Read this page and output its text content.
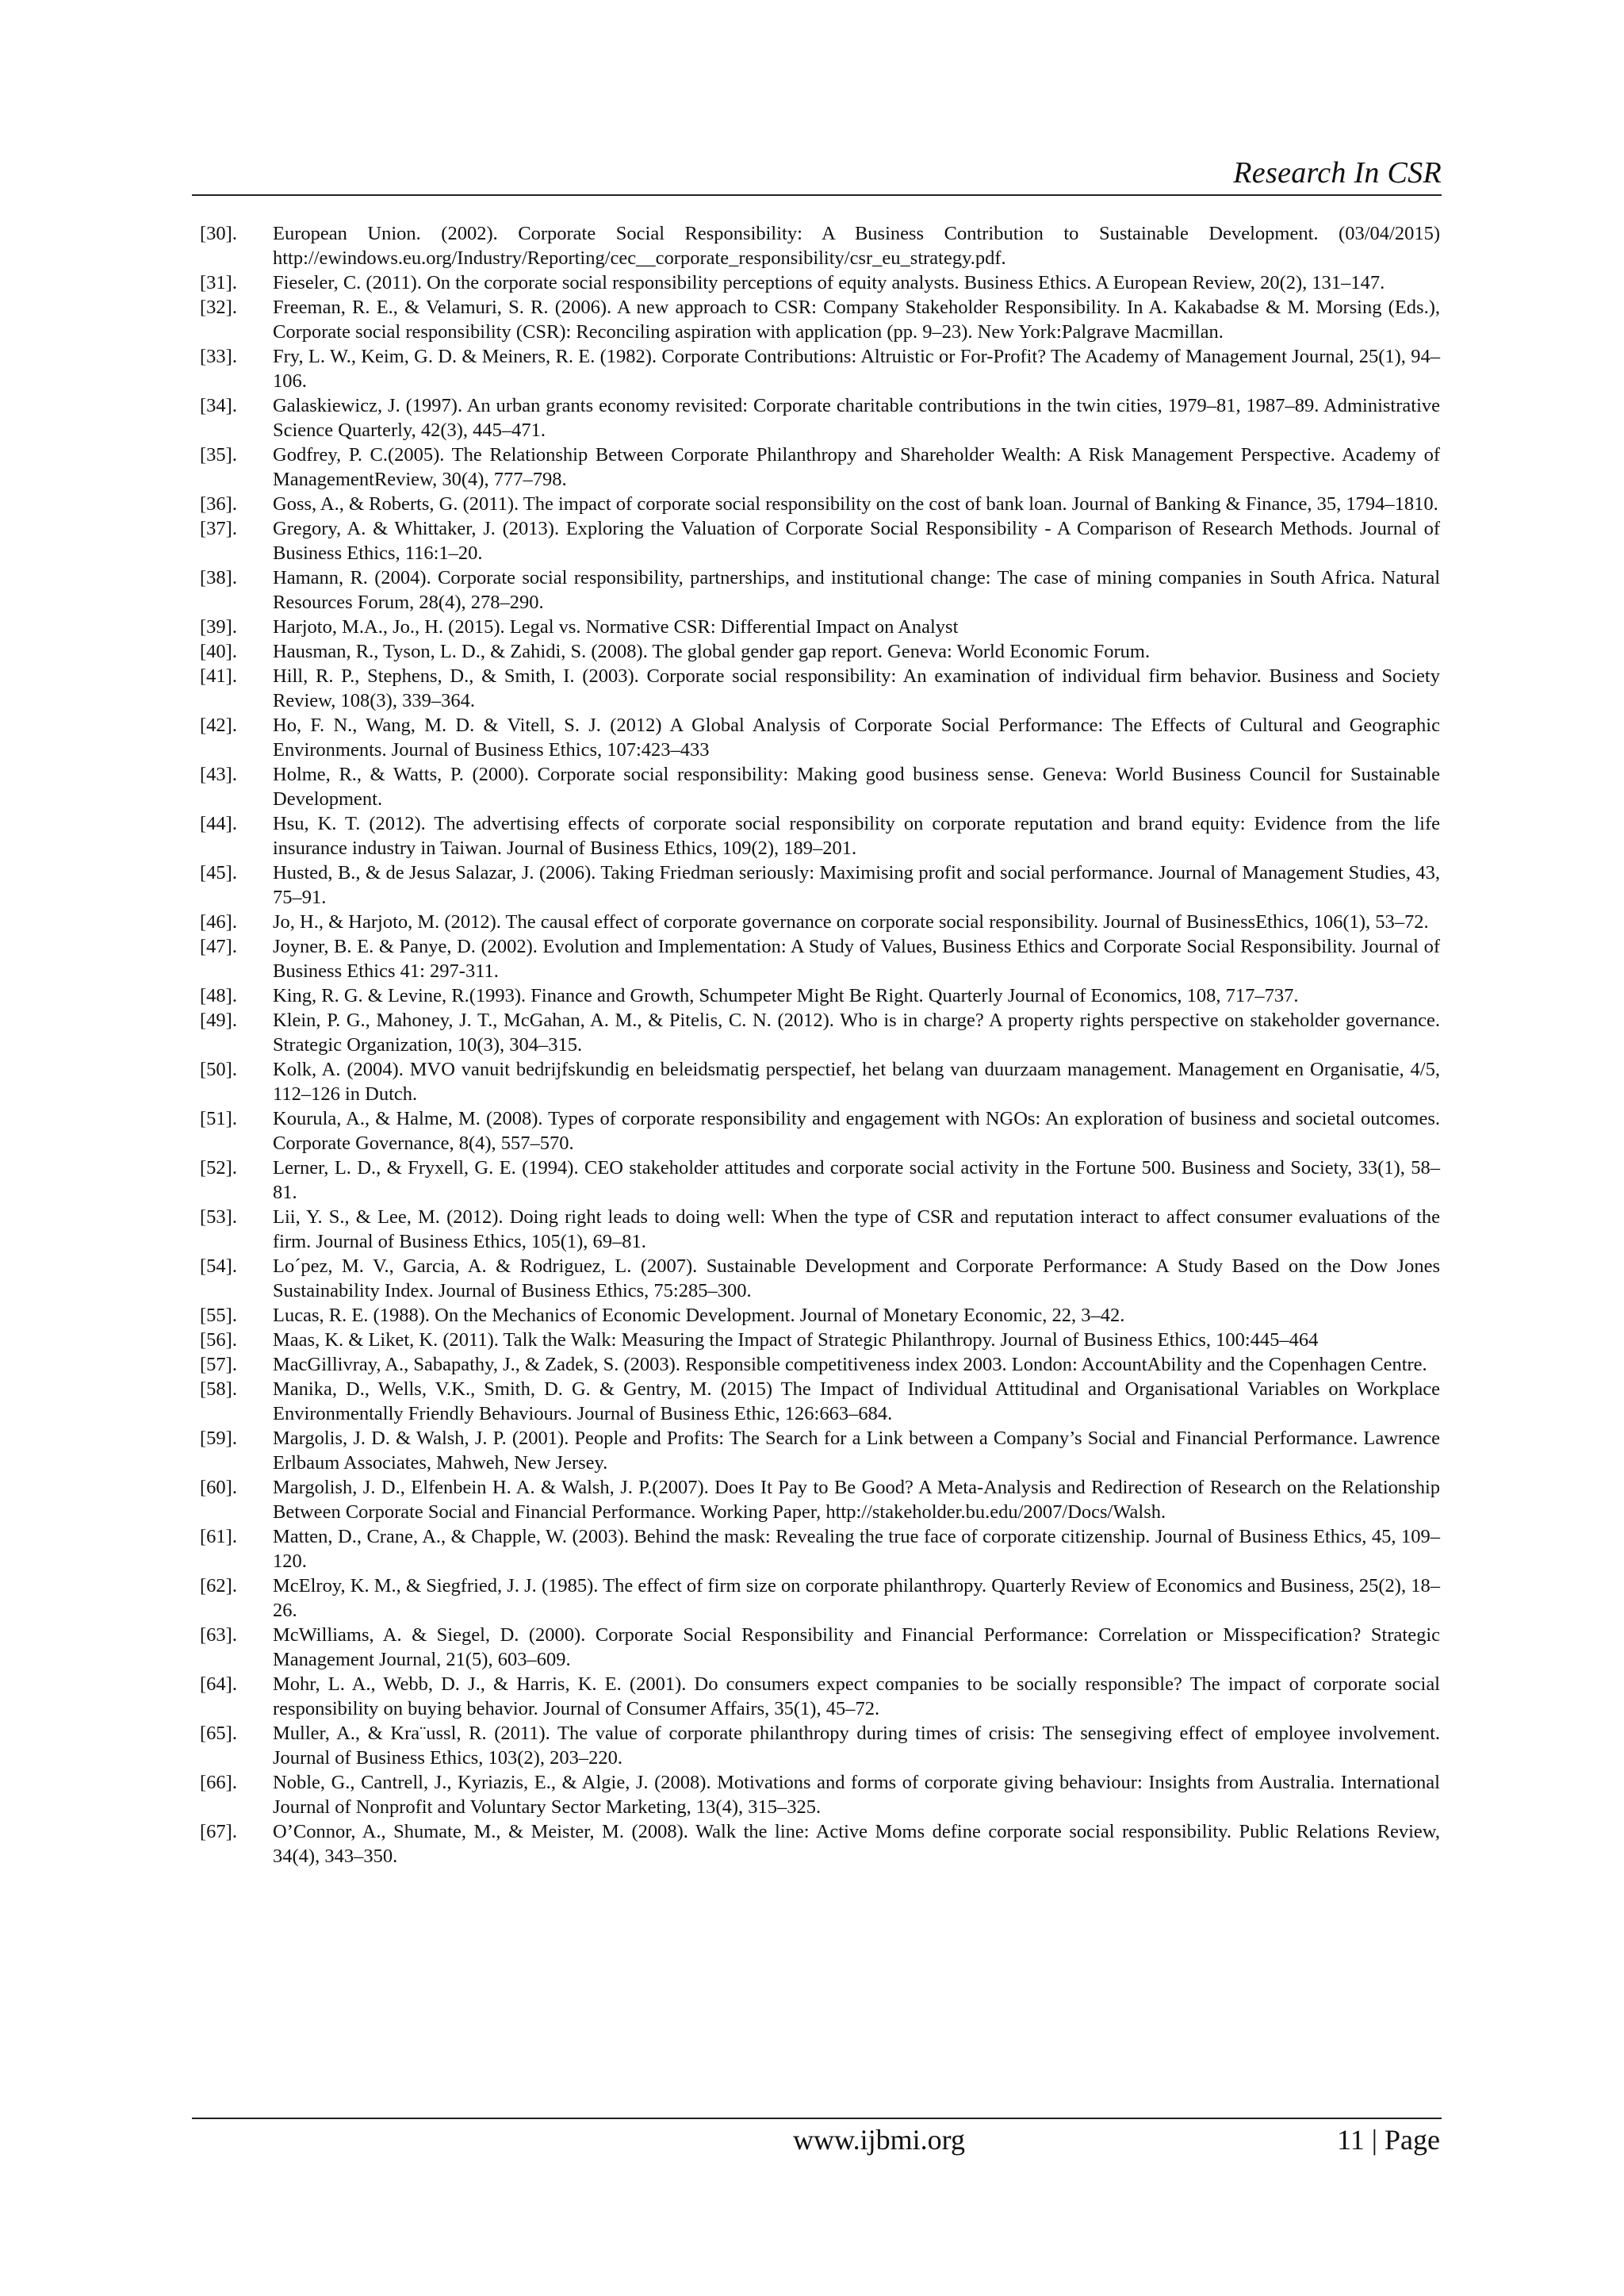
Research In CSR
[30].	European Union. (2002). Corporate Social Responsibility: A Business Contribution to Sustainable Development. (03/04/2015) http://ewindows.eu.org/Industry/Reporting/cec__corporate_responsibility/csr_eu_strategy.pdf.
[31].	Fieseler, C. (2011). On the corporate social responsibility perceptions of equity analysts. Business Ethics. A European Review, 20(2), 131–147.
[32].	Freeman, R. E., & Velamuri, S. R. (2006). A new approach to CSR: Company Stakeholder Responsibility. In A. Kakabadse & M. Morsing (Eds.), Corporate social responsibility (CSR): Reconciling aspiration with application (pp. 9–23). New York:Palgrave Macmillan.
[33].	Fry, L. W., Keim, G. D. & Meiners, R. E. (1982). Corporate Contributions: Altruistic or For-Profit? The Academy of Management Journal, 25(1), 94–106.
[34].	Galaskiewicz, J. (1997). An urban grants economy revisited: Corporate charitable contributions in the twin cities, 1979–81, 1987–89. Administrative Science Quarterly, 42(3), 445–471.
[35].	Godfrey, P. C.(2005). The Relationship Between Corporate Philanthropy and Shareholder Wealth: A Risk Management Perspective. Academy of ManagementReview, 30(4), 777–798.
[36].	Goss, A., & Roberts, G. (2011). The impact of corporate social responsibility on the cost of bank loan. Journal of Banking & Finance, 35, 1794–1810.
[37].	Gregory, A. & Whittaker, J. (2013). Exploring the Valuation of Corporate Social Responsibility - A Comparison of Research Methods. Journal of Business Ethics, 116:1–20.
[38].	Hamann, R. (2004). Corporate social responsibility, partnerships, and institutional change: The case of mining companies in South Africa. Natural Resources Forum, 28(4), 278–290.
[39].	Harjoto, M.A., Jo., H. (2015). Legal vs. Normative CSR: Differential Impact on Analyst
[40].	Hausman, R., Tyson, L. D., & Zahidi, S. (2008). The global gender gap report. Geneva: World Economic Forum.
[41].	Hill, R. P., Stephens, D., & Smith, I. (2003). Corporate social responsibility: An examination of individual firm behavior. Business and Society Review, 108(3), 339–364.
[42].	Ho, F. N., Wang, M. D. & Vitell, S. J. (2012) A Global Analysis of Corporate Social Performance: The Effects of Cultural and Geographic Environments. Journal of Business Ethics, 107:423–433
[43].	Holme, R., & Watts, P. (2000). Corporate social responsibility: Making good business sense. Geneva: World Business Council for Sustainable Development.
[44].	Hsu, K. T. (2012). The advertising effects of corporate social responsibility on corporate reputation and brand equity: Evidence from the life insurance industry in Taiwan. Journal of Business Ethics, 109(2), 189–201.
[45].	Husted, B., & de Jesus Salazar, J. (2006). Taking Friedman seriously: Maximising profit and social performance. Journal of Management Studies, 43, 75–91.
[46].	Jo, H., & Harjoto, M. (2012). The causal effect of corporate governance on corporate social responsibility. Journal of BusinessEthics, 106(1), 53–72.
[47].	Joyner, B. E. & Panye, D. (2002). Evolution and Implementation: A Study of Values, Business Ethics and Corporate Social Responsibility. Journal of Business Ethics 41: 297-311.
[48].	King, R. G. & Levine, R.(1993). Finance and Growth, Schumpeter Might Be Right. Quarterly Journal of Economics, 108, 717–737.
[49].	Klein, P. G., Mahoney, J. T., McGahan, A. M., & Pitelis, C. N. (2012). Who is in charge? A property rights perspective on stakeholder governance. Strategic Organization, 10(3), 304–315.
[50].	Kolk, A. (2004). MVO vanuit bedrijfskundig en beleidsmatig perspectief, het belang van duurzaam management. Management en Organisatie, 4/5, 112–126 in Dutch.
[51].	Kourula, A., & Halme, M. (2008). Types of corporate responsibility and engagement with NGOs: An exploration of business and societal outcomes. Corporate Governance, 8(4), 557–570.
[52].	Lerner, L. D., & Fryxell, G. E. (1994). CEO stakeholder attitudes and corporate social activity in the Fortune 500. Business and Society, 33(1), 58–81.
[53].	Lii, Y. S., & Lee, M. (2012). Doing right leads to doing well: When the type of CSR and reputation interact to affect consumer evaluations of the firm. Journal of Business Ethics, 105(1), 69–81.
[54].	Lo´pez, M. V., Garcia, A. & Rodriguez, L. (2007). Sustainable Development and Corporate Performance: A Study Based on the Dow Jones Sustainability Index. Journal of Business Ethics, 75:285–300.
[55].	Lucas, R. E. (1988). On the Mechanics of Economic Development. Journal of Monetary Economic, 22, 3–42.
[56].	Maas, K. & Liket, K. (2011). Talk the Walk: Measuring the Impact of Strategic Philanthropy. Journal of Business Ethics, 100:445–464
[57].	MacGillivray, A., Sabapathy, J., & Zadek, S. (2003). Responsible competitiveness index 2003. London: AccountAbility and the Copenhagen Centre.
[58].	Manika, D., Wells, V.K., Smith, D. G. & Gentry, M. (2015) The Impact of Individual Attitudinal and Organisational Variables on Workplace Environmentally Friendly Behaviours. Journal of Business Ethic, 126:663–684.
[59].	Margolis, J. D. & Walsh, J. P. (2001). People and Profits: The Search for a Link between a Company’s Social and Financial Performance. Lawrence Erlbaum Associates, Mahweh, New Jersey.
[60].	Margolish, J. D., Elfenbein H. A. & Walsh, J. P.(2007). Does It Pay to Be Good? A Meta-Analysis and Redirection of Research on the Relationship Between Corporate Social and Financial Performance. Working Paper, http://stakeholder.bu.edu/2007/Docs/Walsh.
[61].	Matten, D., Crane, A., & Chapple, W. (2003). Behind the mask: Revealing the true face of corporate citizenship. Journal of Business Ethics, 45, 109–120.
[62].	McElroy, K. M., & Siegfried, J. J. (1985). The effect of firm size on corporate philanthropy. Quarterly Review of Economics and Business, 25(2), 18–26.
[63].	McWilliams, A. & Siegel, D. (2000). Corporate Social Responsibility and Financial Performance: Correlation or Misspecification? Strategic Management Journal, 21(5), 603–609.
[64].	Mohr, L. A., Webb, D. J., & Harris, K. E. (2001). Do consumers expect companies to be socially responsible? The impact of corporate social responsibility on buying behavior. Journal of Consumer Affairs, 35(1), 45–72.
[65].	Muller, A., & Kra¨ussl, R. (2011). The value of corporate philanthropy during times of crisis: The sensegiving effect of employee involvement. Journal of Business Ethics, 103(2), 203–220.
[66].	Noble, G., Cantrell, J., Kyriazis, E., & Algie, J. (2008). Motivations and forms of corporate giving behaviour: Insights from Australia. International Journal of Nonprofit and Voluntary Sector Marketing, 13(4), 315–325.
[67].	O’Connor, A., Shumate, M., & Meister, M. (2008). Walk the line: Active Moms define corporate social responsibility. Public Relations Review, 34(4), 343–350.
www.ijbmi.org	11 | Page
